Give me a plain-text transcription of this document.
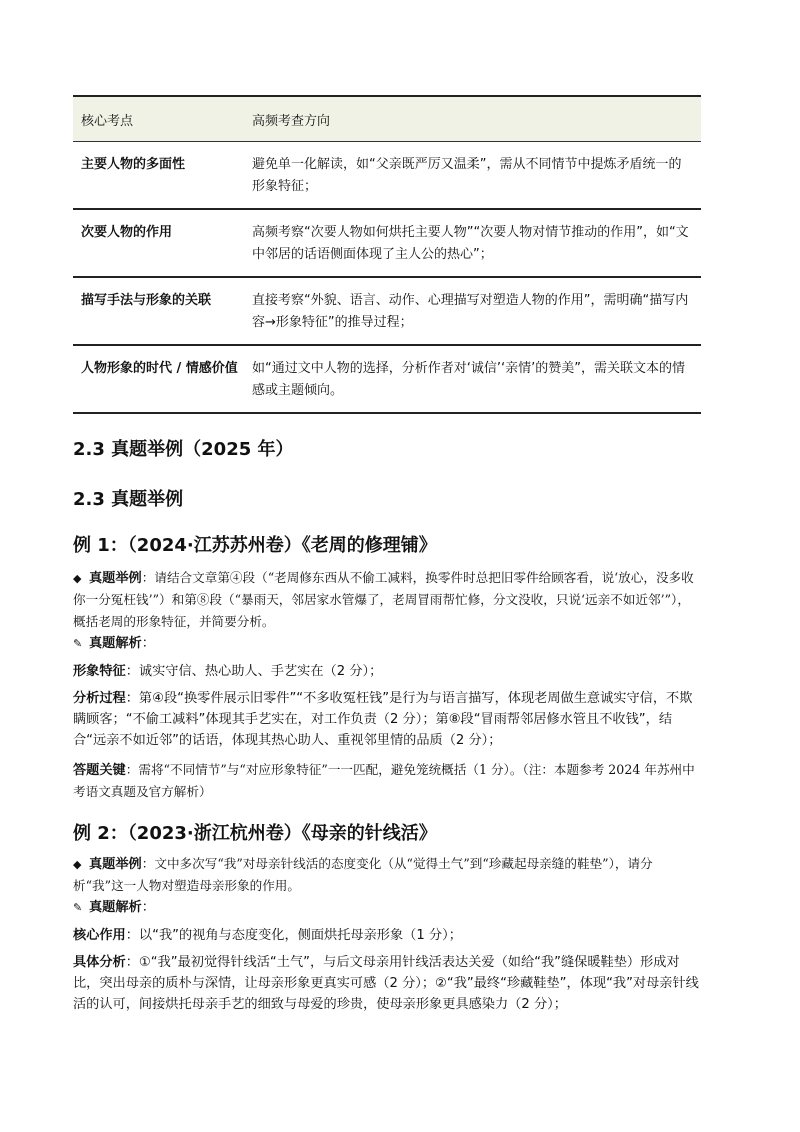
核心考点	高频考查方向
主要人物的多面性	避免单一化解读，如“父亲既严厉又温柔”，需从不同情节中提炼矛盾统一的形象特征；
次要人物的作用	高频考察“次要人物如何烘托主要人物”“次要人物对情节推动的作用”，如“文中邻居的话语侧面体现了主人公的热心”；
描写手法与形象的关联	直接考察“外貌、语言、动作、心理描写对塑造人物的作用”，需明确“描写内容→形象特征”的推导过程；
人物形象的时代 / 情感价值	如“通过文中人物的选择，分析作者对‘诚信’‘亲情’的赞美”，需关联文本的情感或主题倾向。
2.3 真题举例（2025 年）
2.3 真题举例
例 1：（2024·江苏苏州卷）《老周的修理铺》
◆ 真题举例：请结合文章第④段（“老周修东西从不偷工减料，换零件时总把旧零件给顾客看，说‘放心，没多收你一分冤枉钱’”）和第⑧段（“暴雨天，邻居家水管爆了，老周冒雨帮忙修，分文没收，只说‘远亲不如近邻’”），概括老周的形象特征，并简要分析。
✎ 真题解析：
形象特征：诚实守信、热心助人、手艺实在（2 分）；
分析过程：第④段“换零件展示旧零件”“不多收冤枉钱”是行为与语言描写，体现老周做生意诚实守信，不欺瞒顾客；“不偷工减料”体现其手艺实在，对工作负责（2 分）；第⑧段“冒雨帮邻居修水管且不收钱”，结合“远亲不如近邻”的话语，体现其热心助人、重视邻里情的品质（2 分）；
答题关键：需将“不同情节”与“对应形象特征”一一匹配，避免笼统概括（1 分）。（注：本题参考 2024 年苏州中考语文真题及官方解析）
例 2：（2023·浙江杭州卷）《母亲的针线活》
◆ 真题举例：文中多次写“我”对母亲针线活的态度变化（从“觉得土气”到“珍藏起母亲缝的鞋垫”），请分析“我”这一人物对塑造母亲形象的作用。
✎ 真题解析：
核心作用：以“我”的视角与态度变化，侧面烘托母亲形象（1 分）；
具体分析：①“我”最初觉得针线活“土气”，与后文母亲用针线活表达关爱（如给“我”缝保暖鞋垫）形成对比，突出母亲的质朴与深情，让母亲形象更真实可感（2 分）；②“我”最终“珍藏鞋垫”，体现“我”对母亲针线活的认可，间接烘托母亲手艺的细致与母爱的珍贵，使母亲形象更具感染力（2 分）；
